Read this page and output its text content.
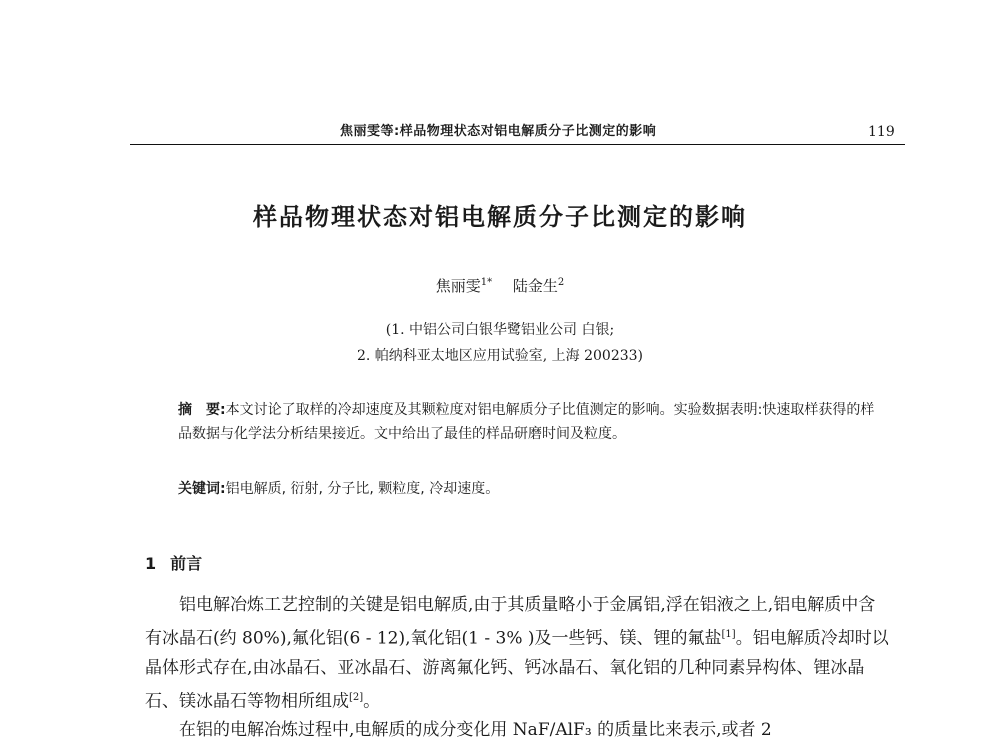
焦丽雯等:样品物理状态对铝电解质分子比测定的影响	119
样品物理状态对铝电解质分子比测定的影响
焦丽雯$^{1*}$ 陆金生$^2$
(1. 中铝公司白银华鹭铝业公司 白银;
2. 帕纳科亚太地区应用试验室, 上海 200233)
摘　要:本文讨论了取样的冷却速度及其颗粒度对铝电解质分子比值测定的影响。实验数据表明:快速取样获得的样品数据与化学法分析结果接近。文中给出了最佳的样品研磨时间及粒度。
关键词:铝电解质, 衍射, 分子比, 颗粒度, 冷却速度。
1 前言

铝电解冶炼工艺控制的关键是铝电解质,由于其质量略小于金属铝,浮在铝液之上,铝电解质中含有冰晶石(约 80%),氟化铝(6 - 12),氧化铝(1 - 3% )及一些钙、镁、锂的氟盐[1]。铝电解质冷却时以晶体形式存在,由冰晶石、亚冰晶石、游离氟化钙、钙冰晶石、氧化铝的几种同素异构体、锂冰晶石、镁冰晶石等物相所组成[2]。

在铝的电解冶炼过程中,电解质的成分变化用 NaF/AlF₃ 的质量比来表示,或者 2
